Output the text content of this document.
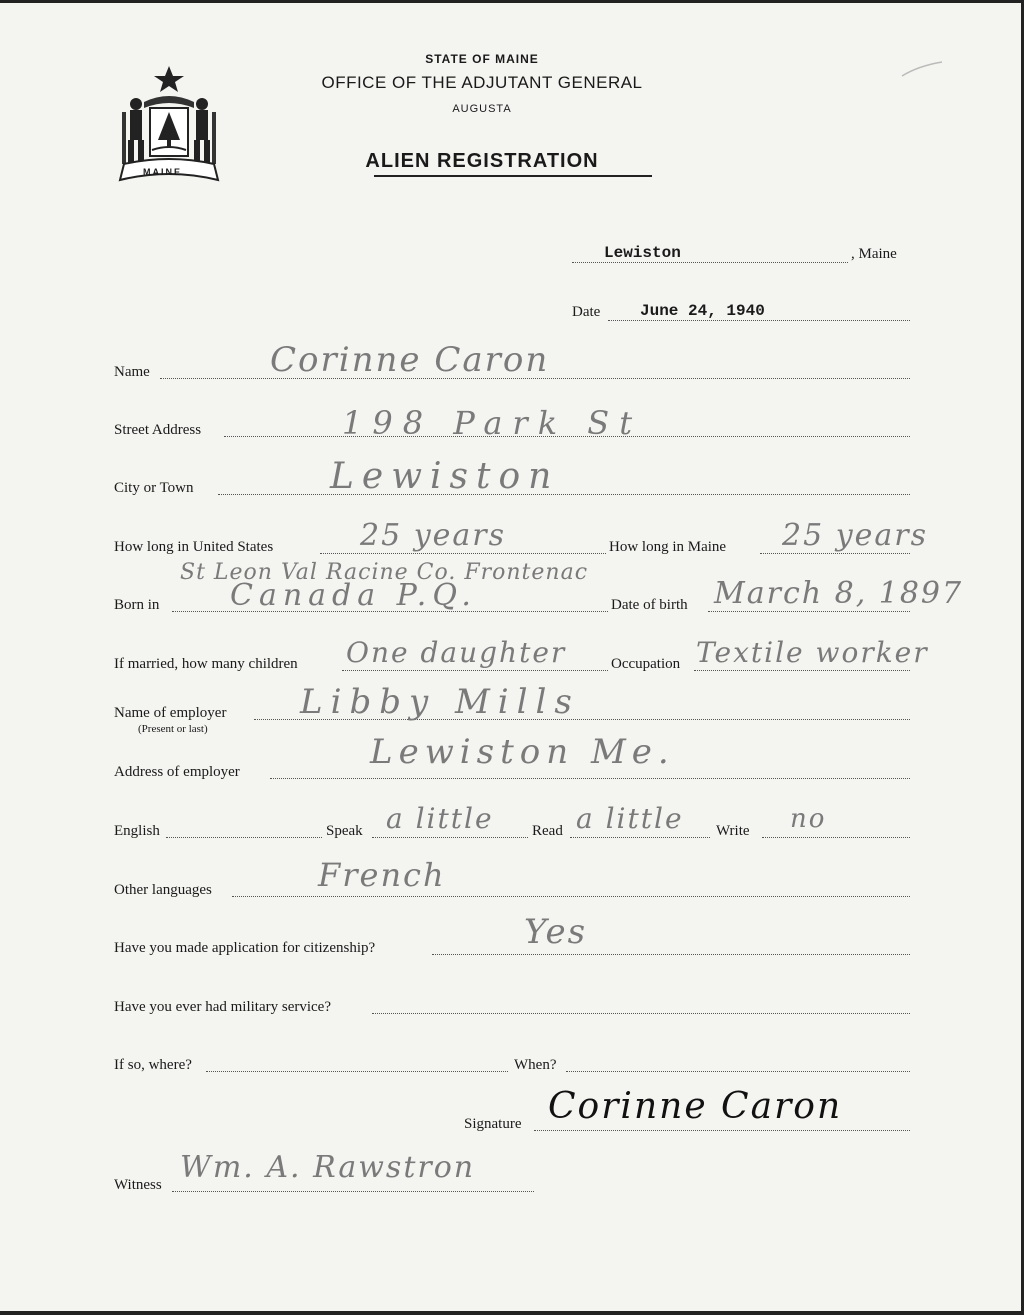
MAINE
STATE OF MAINE
OFFICE OF THE ADJUTANT GENERAL
AUGUSTA
ALIEN REGISTRATION
Lewiston	, Maine
Date June 24, 1940
Name	Corinne Caron
Street Address	198 Park St
City or Town	Lewiston
How long in United States	25 years	How long in Maine 25 years
St Leon Val Racine Co. Frontenac
Born in Canada P.Q.	Date of birth March 8, 1897
If married, how many children One daughter	Occupation Textile worker
Name of employer
(Present or last)
Libby Mills
Address of employer	Lewiston Me.
English	Speak a little	Read a little Write no
Other languages	French
Have you made application for citizenship?	Yes
Have you ever had military service?
If so, where?	When?
Signature Corinne Caron
Witness Wm. A. Rawstron
